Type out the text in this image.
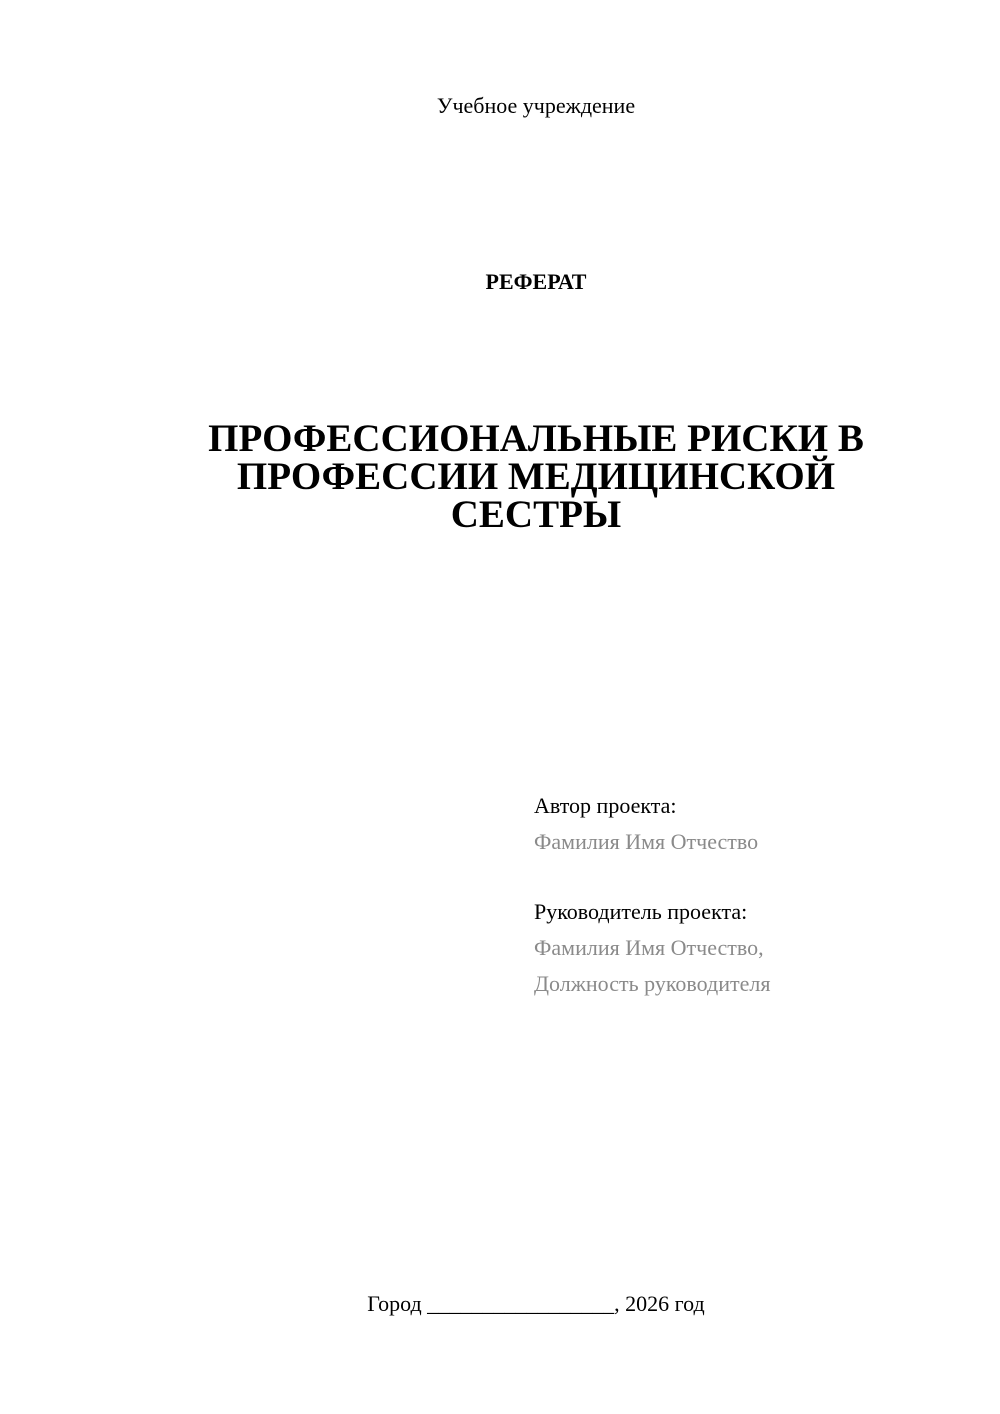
Учебное учреждение
РЕФЕРАТ
ПРОФЕССИОНАЛЬНЫЕ РИСКИ В
ПРОФЕССИИ МЕДИЦИНСКОЙ
СЕСТРЫ
Автор проекта:
Фамилия Имя Отчество
Руководитель проекта:
Фамилия Имя Отчество,
Должность руководителя
Город _________________, 2026 год
